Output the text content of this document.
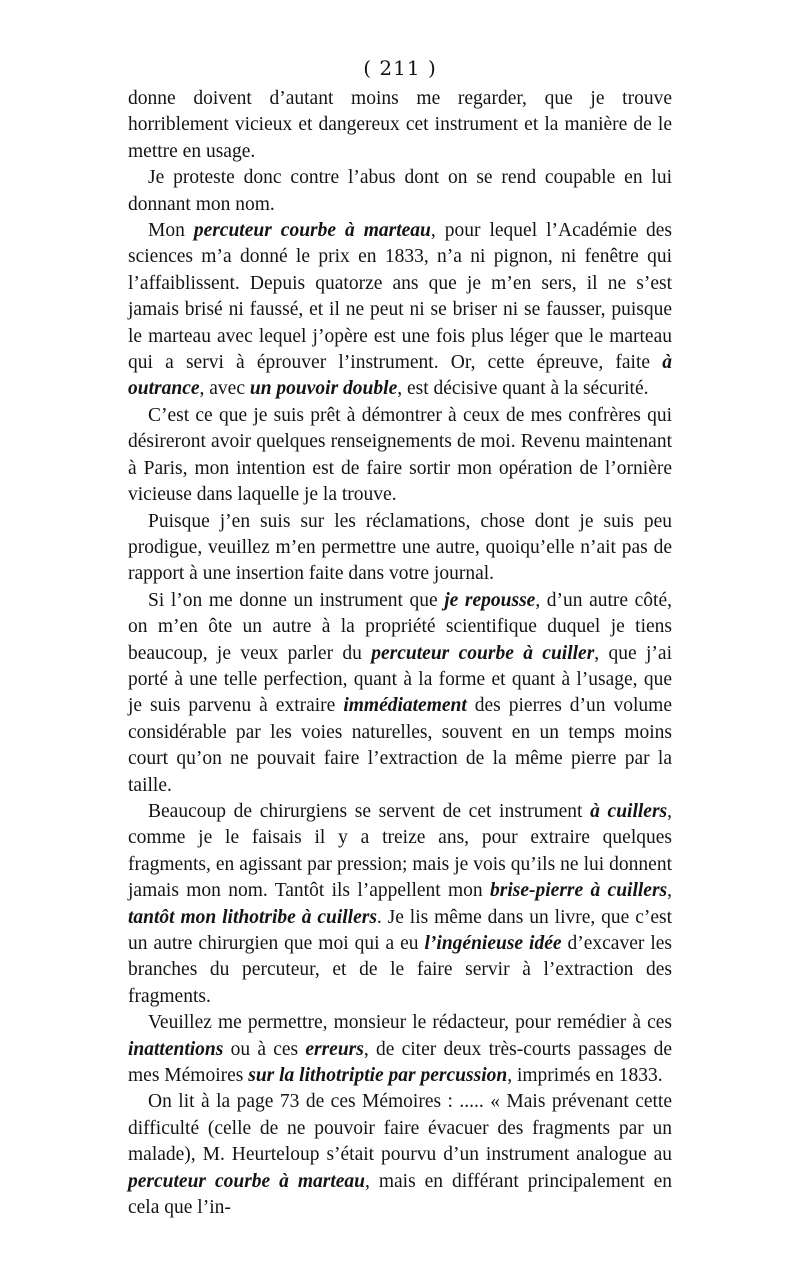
( 211 )

donne doivent d’autant moins me regarder, que je trouve horriblement vicieux et dangereux cet instrument et la manière de le mettre en usage.

Je proteste donc contre l’abus dont on se rend coupable en lui donnant mon nom.

Mon percuteur courbe à marteau, pour lequel l’Académie des sciences m’a donné le prix en 1833, n’a ni pignon, ni fenêtre qui l’affaiblissent. Depuis quatorze ans que je m’en sers, il ne s’est jamais brisé ni faussé, et il ne peut ni se briser ni se fausser, puisque le marteau avec lequel j’opère est une fois plus léger que le marteau qui a servi à éprouver l’instrument. Or, cette épreuve, faite à outrance, avec un pouvoir double, est décisive quant à la sécurité.

C’est ce que je suis prêt à démontrer à ceux de mes confrères qui désireront avoir quelques renseignements de moi. Revenu maintenant à Paris, mon intention est de faire sortir mon opération de l’ornière vicieuse dans laquelle je la trouve.

Puisque j’en suis sur les réclamations, chose dont je suis peu prodigue, veuillez m’en permettre une autre, quoiqu’elle n’ait pas de rapport à une insertion faite dans votre journal.

Si l’on me donne un instrument que je repousse, d’un autre côté, on m’en ôte un autre à la propriété scientifique duquel je tiens beaucoup, je veux parler du percuteur courbe à cuiller, que j’ai porté à une telle perfection, quant à la forme et quant à l’usage, que je suis parvenu à extraire immédiatement des pierres d’un volume considérable par les voies naturelles, souvent en un temps moins court qu’on ne pouvait faire l’extraction de la même pierre par la taille.

Beaucoup de chirurgiens se servent de cet instrument à cuillers, comme je le faisais il y a treize ans, pour extraire quelques fragments, en agissant par pression; mais je vois qu’ils ne lui donnent jamais mon nom. Tantôt ils l’appellent mon brise-pierre à cuillers, tantôt mon lithotribe à cuillers. Je lis même dans un livre, que c’est un autre chirurgien que moi qui a eu l’ingénieuse idée d’excaver les branches du percuteur, et de le faire servir à l’extraction des fragments.

Veuillez me permettre, monsieur le rédacteur, pour remédier à ces inattentions ou à ces erreurs, de citer deux très-courts passages de mes Mémoires sur la lithotriptie par percussion, imprimés en 1833.

On lit à la page 73 de ces Mémoires : ..... « Mais prévenant cette difficulté (celle de ne pouvoir faire évacuer des fragments par un malade), M. Heurteloup s’était pourvu d’un instrument analogue au percuteur courbe à marteau, mais en différant principalement en cela que l’in-
